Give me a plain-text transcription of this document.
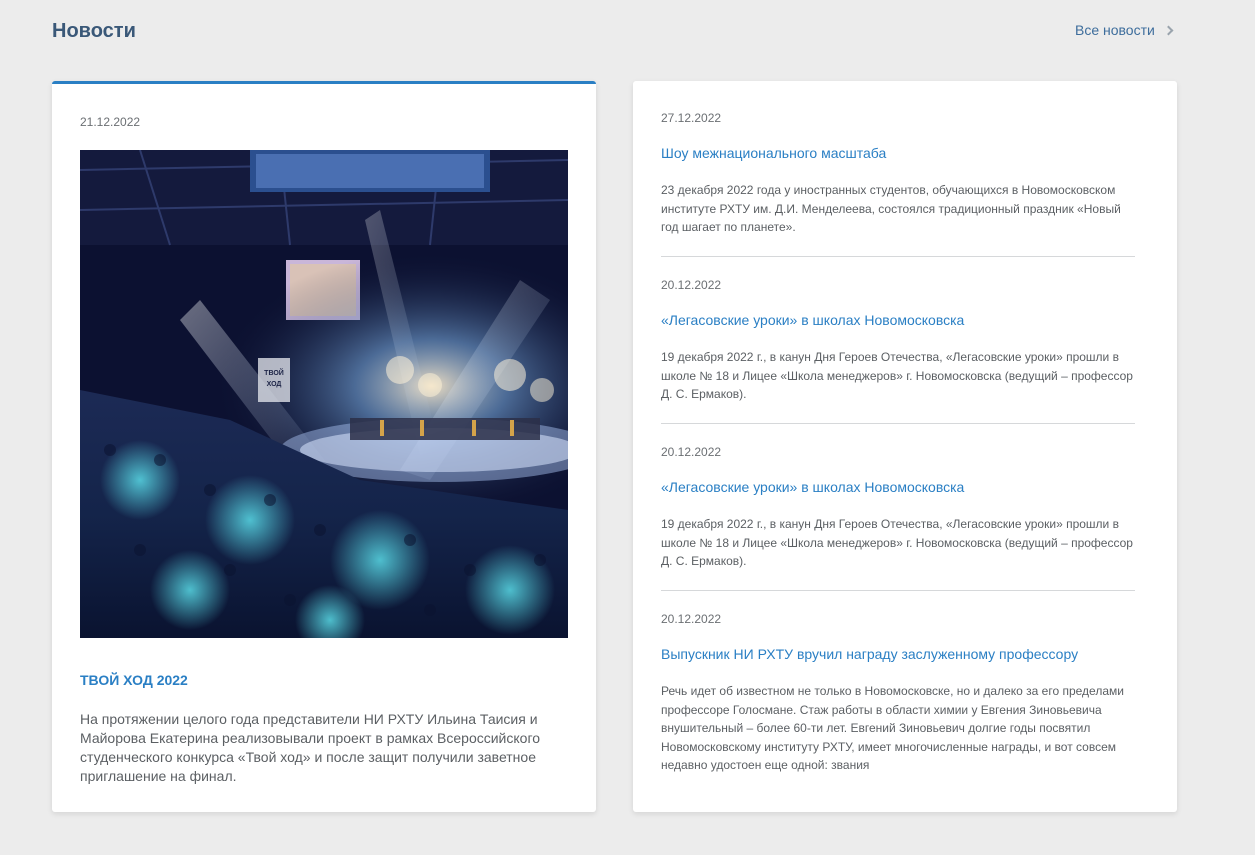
Новости	Все новости
21.12.2022
ТВОЙ
ХОД
ТВОЙ ХОД 2022

На протяжении целого года представители НИ РХТУ Ильина Таисия и Майорова Екатерина реализовывали проект в рамках Всероссийского студенческого конкурса «Твой ход» и после защит получили заветное приглашение на финал.

27.12.2022
Шоу межнационального масштаба

23 декабря 2022 года у иностранных студентов, обучающихся в Новомосковском институте РХТУ им. Д.И. Менделеева, состоялся традиционный праздник «Новый год шагает по планете».

20.12.2022
«Легасовские уроки» в школах Новомосковска

19 декабря 2022 г., в канун Дня Героев Отечества, «Легасовские уроки» прошли в школе № 18 и Лицее «Школа менеджеров» г. Новомосковска (ведущий – профессор Д. С. Ермаков).

20.12.2022
«Легасовские уроки» в школах Новомосковска

19 декабря 2022 г., в канун Дня Героев Отечества, «Легасовские уроки» прошли в школе № 18 и Лицее «Школа менеджеров» г. Новомосковска (ведущий – профессор Д. С. Ермаков).

20.12.2022
Выпускник НИ РХТУ вручил награду заслуженному профессору

Речь идет об известном не только в Новомосковске, но и далеко за его пределами профессоре Голосмане. Стаж работы в области химии у Евгения Зиновьевича внушительный – более 60-ти лет. Евгений Зиновьевич долгие годы посвятил Новомосковскому институту РХТУ, имеет многочисленные награды, и вот совсем недавно удостоен еще одной: звания
